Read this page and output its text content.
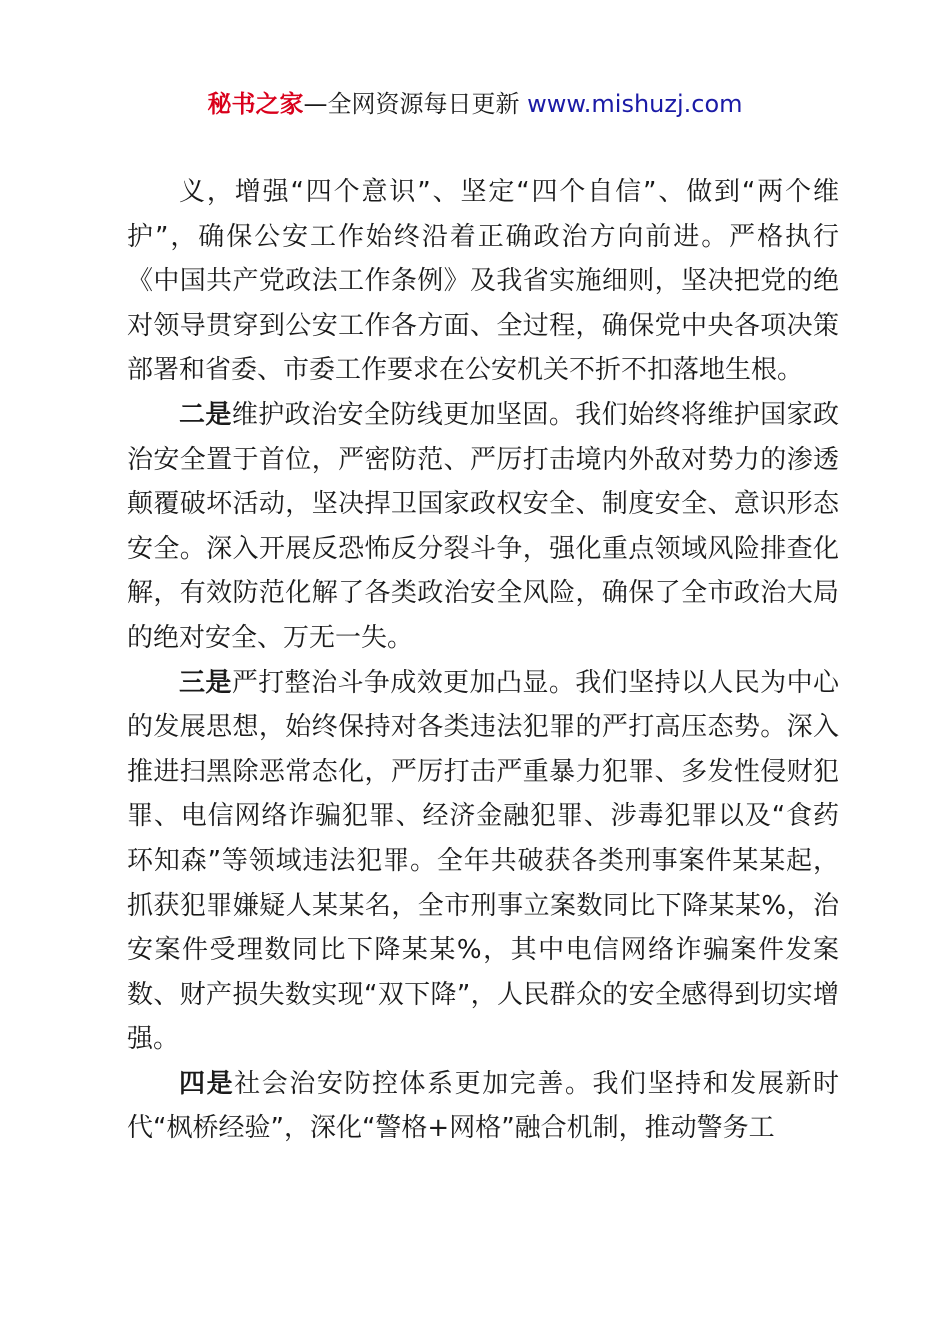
秘书之家—全网资源每日更新 www.mishuzj.com

义，增强“四个意识”、坚定“四个自信”、做到“两个维护”，确保公安工作始终沿着正确政治方向前进。严格执行《中国共产党政法工作条例》及我省实施细则，坚决把党的绝对领导贯穿到公安工作各方面、全过程，确保党中央各项决策部署和省委、市委工作要求在公安机关不折不扣落地生根。

二是维护政治安全防线更加坚固。我们始终将维护国家政治安全置于首位，严密防范、严厉打击境内外敌对势力的渗透颠覆破坏活动，坚决捍卫国家政权安全、制度安全、意识形态安全。深入开展反恐怖反分裂斗争，强化重点领域风险排查化解，有效防范化解了各类政治安全风险，确保了全市政治大局的绝对安全、万无一失。

三是严打整治斗争成效更加凸显。我们坚持以人民为中心的发展思想，始终保持对各类违法犯罪的严打高压态势。深入推进扫黑除恶常态化，严厉打击严重暴力犯罪、多发性侵财犯罪、电信网络诈骗犯罪、经济金融犯罪、涉毒犯罪以及“食药环知森”等领域违法犯罪。全年共破获各类刑事案件某某起，抓获犯罪嫌疑人某某名，全市刑事立案数同比下降某某%，治安案件受理数同比下降某某%，其中电信网络诈骗案件发案数、财产损失数实现“双下降”，人民群众的安全感得到切实增强。

四是社会治安防控体系更加完善。我们坚持和发展新时代“枫桥经验”，深化“警格+网格”融合机制，推动警务工
